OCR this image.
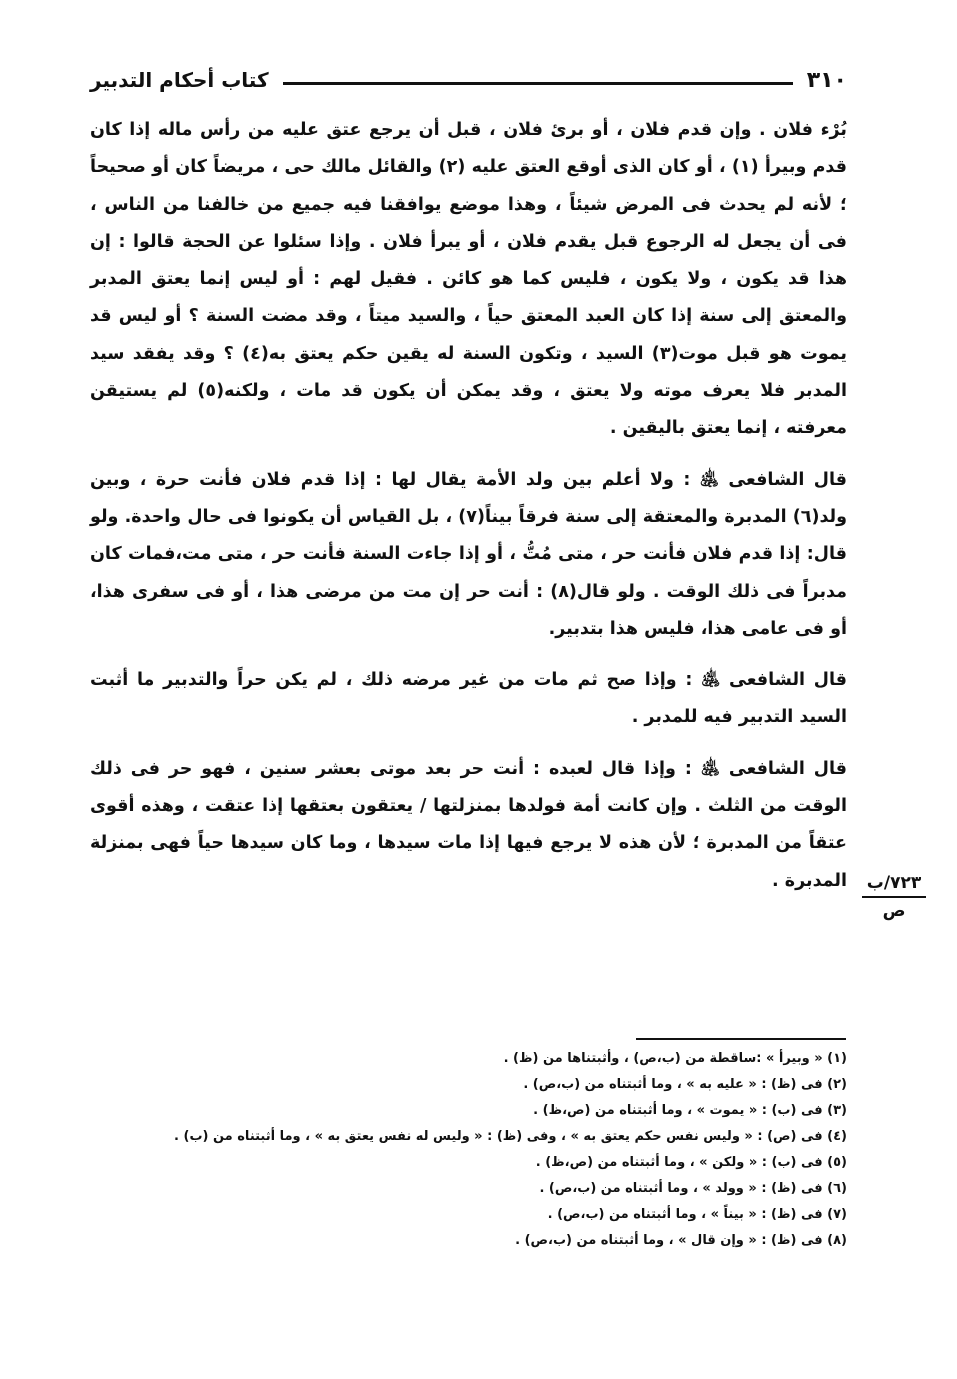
٣١٠
كتاب أحكام التدبير

بُرْء فلان . وإن قدم فلان ، أو برئ فلان ، قبل أن يرجع عتق عليه من رأس ماله إذا كان قدم وبيرأ (١) ، أو كان الذى أوقع العتق عليه (٢) والقائل مالك حى ، مريضاً كان أو صحيحاً ؛ لأنه لم يحدث فى المرض شيئاً ، وهذا موضع يوافقنا فيه جميع من خالفنا من الناس ، فى أن يجعل له الرجوع قبل يقدم فلان ، أو يبرأ فلان . وإذا سئلوا عن الحجة قالوا : إن هذا قد يكون ، ولا يكون ، فليس كما هو كائن . فقيل لهم : أو ليس إنما يعتق المدبر والمعتق إلى سنة إذا كان العبد المعتق حياً ، والسيد ميتاً ، وقد مضت السنة ؟ أو ليس قد يموت هو قبل موت(٣) السيد ، وتكون السنة له يقين حكم يعتق به(٤) ؟ وقد يفقد سيد المدبر فلا يعرف موته ولا يعتق ، وقد يمكن أن يكون قد مات ، ولكنه(٥) لم يستيقن معرفته ، إنما يعتق باليقين .

قال الشافعى ﵁ : ولا أعلم بين ولد الأمة يقال لها : إذا قدم فلان فأنت حرة ، وبين ولد(٦) المدبرة والمعتقة إلى سنة فرقاً بيناً(٧) ، بل القياس أن يكونوا فى حال واحدة. ولو قال: إذا قدم فلان فأنت حر ، متى مُتُّ ، أو إذا جاءت السنة فأنت حر ، متى مت،فمات كان مدبراً فى ذلك الوقت . ولو قال(٨) : أنت حر إن مت من مرضى هذا ، أو فى سفرى هذا، أو فى عامى هذا، فليس هذا بتدبير.

قال الشافعى ﵁ : وإذا صح ثم مات من غير مرضه ذلك ، لم يكن حراً والتدبير ما أثبت السيد التدبير فيه للمدبر .

قال الشافعى ﵁ : وإذا قال لعبده : أنت حر بعد موتى بعشر سنين ، فهو حر فى ذلك الوقت من الثلث . وإن كانت أمة فولدها بمنزلتها / يعتقون بعتقها إذا عتقت ، وهذه أقوى عتقاً من المدبرة ؛ لأن هذه لا يرجع فيها إذا مات سيدها ، وما كان سيدها حياً فهى بمنزلة المدبرة . ٧٢٣/ب
ص
(١) « وبيرأ » :ساقطة من (ب،ص) ، وأثبتناها من (ظ) .
(٢) فى (ظ) : « عليه به » ، وما أثبتناه من (ب،ص) .
(٣) فى (ب) : « يموت » ، وما أثبتناه من (ص،ظ) .
(٤) فى (ص) : « وليس نفس حكم يعتق به » ، وفى (ظ) : « وليس له نفس يعتق به » ، وما أثبتناه من (ب) .
(٥) فى (ب) : « ولكن » ، وما أثبتناه من (ص،ظ) .
(٦) فى (ظ) : « وولد » ، وما أثبتناه من (ب،ص) .
(٧) فى (ظ) : « بيناً » ، وما أثبتناه من (ب،ص) .
(٨) فى (ظ) : « وإن قال » ، وما أثبتناه من (ب،ص) .
